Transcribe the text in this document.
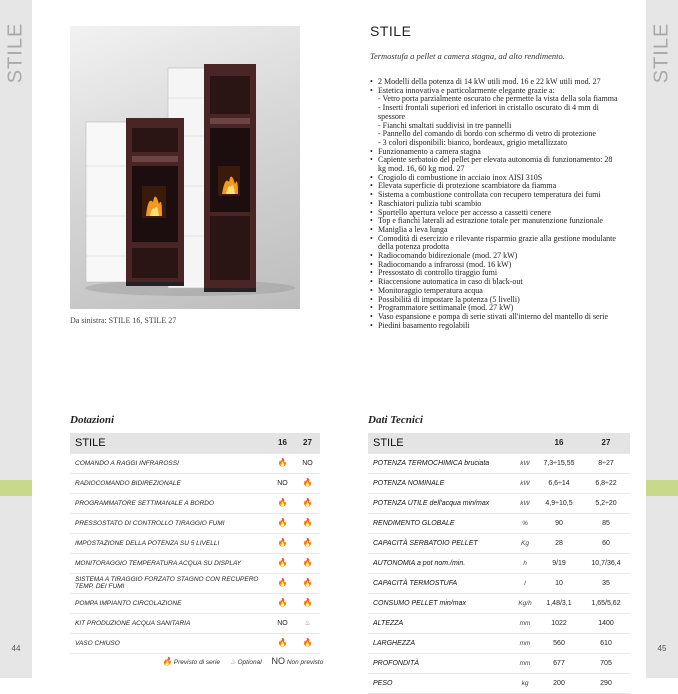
STILE
44
STILE
45
Da sinistra: STILE 16, STILE 27
STILE
Termostufa a pellet a camera stagna, ad alto rendimento.
• 2 Modelli della potenza di 14 kW utili mod. 16 e 22 kW utili mod. 27
• Estetica innovativa e particolarmente elegante grazie a:
- Vetro porta parzialmente oscurato che permette la vista della sola fiamma
- Inserti frontali superiori ed inferiori in cristallo oscurato di 4 mm di spessore
- Fianchi smaltati suddivisi in tre pannelli
- Pannello del comando di bordo con schermo di vetro di protezione
- 3 colori disponibili: bianco, bordeaux, grigio metallizzato
• Funzionamento a camera stagna
• Capiente serbatoio del pellet per elevata autonomia di funzionamento: 28 kg mod. 16, 60 kg mod. 27
• Crogiolo di combustione in acciaio inox AISI 310S
• Elevata superficie di protezione scambiatore da fiamma
• Sistema a combustione controllata con recupero temperatura dei fumi
• Raschiatori pulizia tubi scambio
• Sportello apertura veloce per accesso a cassetti cenere
• Top e fianchi laterali ad estrazione totale per manutenzione funzionale
• Maniglia a leva lunga
• Comodità di esercizio e rilevante risparmio grazie alla gestione modulante della potenza prodotta
• Radiocomando bidirezionale (mod. 27 kW)
• Radiocomando a infrarossi (mod. 16 kW)
• Pressostato di controllo tiraggio fumi
• Riaccensione automatica in caso di black-out
• Monitoraggio temperatura acqua
• Possibilità di impostare la potenza (5 livelli)
• Programmatore settimanale (mod. 27 kW)
• Vaso espansione e pompa di serie stivati all'interno del mantello di serie
• Piedini basamento regolabili
Dotazioni
STILE	16	27
COMANDO A RAGGI INFRAROSSI	🔥	NO
RADIOCOMANDO BIDIREZIONALE	NO	🔥
PROGRAMMATORE SETTIMANALE A BORDO	🔥	🔥
PRESSOSTATO DI CONTROLLO TIRAGGIO FUMI	🔥	🔥
IMPOSTAZIONE DELLA POTENZA SU 5 LIVELLI	🔥	🔥
MONITORAGGIO TEMPERATURA ACQUA SU DISPLAY	🔥	🔥
SISTEMA A TIRAGGIO FORZATO STAGNO CON RECUPERO TEMP. DEI FUMI	🔥	🔥
POMPA IMPIANTO CIRCOLAZIONE	🔥	🔥
KIT PRODUZIONE ACQUA SANITARIA	NO	♨
VASO CHIUSO	🔥	🔥
🔥 Previsto di serie ♨ Optional NO Non previsto
Dati Tecnici
STILE		16	27
POTENZA TERMOCHIMICA bruciata	kW	7,3÷15,55	8÷27
POTENZA NOMINALE	kW	6,6÷14	6,8÷22
POTENZA UTILE dell'acqua min/max	kW	4,9÷10,5	5,2÷20
RENDIMENTO GLOBALE	%	90	85
CAPACITÀ SERBATOIO PELLET	Kg	28	60
AUTONOMIA a pot nom./min.	h	9/19	10,7/36,4
CAPACITÀ TERMOSTUFA	l	10	35
CONSUMO PELLET min/max	Kg/h	1,48/3,1	1,65/5,62
ALTEZZA	mm	1022	1400
LARGHEZZA	mm	560	610
PROFONDITÀ	mm	677	705
PESO	kg	200	290
